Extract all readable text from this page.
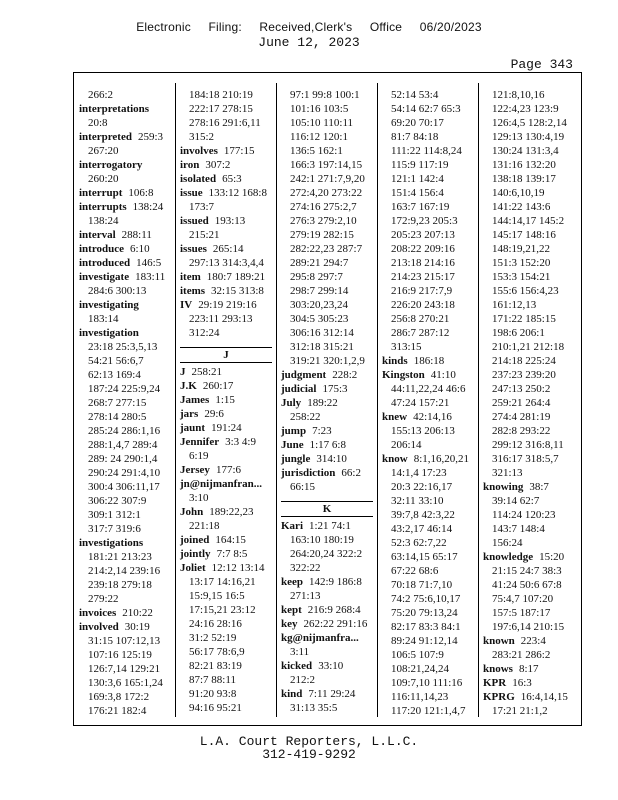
Electronic Filing: Received,Clerk's Office 06/20/2023
June 12, 2023
Page 343
266:2
interpretations
20:8
interpreted 259:3
267:20
interrogatory
260:20
interrupt 106:8
interrupts 138:24
138:24
interval 288:11
introduce 6:10
introduced 146:5
investigate 183:11
284:6 300:13
investigating
183:14
investigation
23:18 25:3,5,13
54:21 56:6,7
62:13 169:4
187:24 225:9,24
268:7 277:15
278:14 280:5
285:24 286:1,16
288:1,4,7 289:4
289: 24 290:1,4
290:24 291:4,10
300:4 306:11,17
306:22 307:9
309:1 312:1
317:7 319:6
investigations
181:21 213:23
214:2,14 239:16
239:18 279:18
279:22
invoices 210:22
involved 30:19
31:15 107:12,13
107:16 125:19
126:7,14 129:21
130:3,6 165:1,24
169:3,8 172:2
176:21 182:4
184:18 210:19
222:17 278:15
278:16 291:6,11
315:2
involves 177:15
iron 307:2
isolated 65:3
issue 133:12 168:8
173:7
issued 193:13
215:21
issues 265:14
297:13 314:3,4,4
item 180:7 189:21
items 32:15 313:8
IV 29:19 219:16
223:11 293:13
312:24
J
J 258:21
J.K 260:17
James 1:15
jars 29:6
jaunt 191:24
Jennifer 3:3 4:9
6:19
Jersey 177:6
jn@nijmanfran...
3:10
John 189:22,23
221:18
joined 164:15
jointly 7:7 8:5
Joliet 12:12 13:14
13:17 14:16,21
15:9,15 16:5
17:15,21 23:12
24:16 28:16
31:2 52:19
56:17 78:6,9
82:21 83:19
87:7 88:11
91:20 93:8
94:16 95:21
97:1 99:8 100:1
101:16 103:5
105:10 110:11
116:12 120:1
136:5 162:1
166:3 197:14,15
242:1 271:7,9,20
272:4,20 273:22
274:16 275:2,7
276:3 279:2,10
279:19 282:15
282:22,23 287:7
289:21 294:7
295:8 297:7
298:7 299:14
303:20,23,24
304:5 305:23
306:16 312:14
312:18 315:21
319:21 320:1,2,9
judgment 228:2
judicial 175:3
July 189:22
258:22
jump 7:23
June 1:17 6:8
jungle 314:10
jurisdiction 66:2
66:15
K
Kari 1:21 74:1
163:10 180:19
264:20,24 322:2
322:22
keep 142:9 186:8
271:13
kept 216:9 268:4
key 262:22 291:16
kg@nijmanfra...
3:11
kicked 33:10
212:2
kind 7:11 29:24
31:13 35:5
52:14 53:4
54:14 62:7 65:3
69:20 70:17
81:7 84:18
111:22 114:8,24
115:9 117:19
121:1 142:4
151:4 156:4
163:7 167:19
172:9,23 205:3
205:23 207:13
208:22 209:16
213:18 214:16
214:23 215:17
216:9 217:7,9
226:20 243:18
256:8 270:21
286:7 287:12
313:15
kinds 186:18
Kingston 41:10
44:11,22,24 46:6
47:24 157:21
knew 42:14,16
155:13 206:13
206:14
know 8:1,16,20,21
14:1,4 17:23
20:3 22:16,17
32:11 33:10
39:7,8 42:3,22
43:2,17 46:14
52:3 62:7,22
63:14,15 65:17
67:22 68:6
70:18 71:7,10
74:2 75:6,10,17
75:20 79:13,24
82:17 83:3 84:1
89:24 91:12,14
106:5 107:9
108:21,24,24
109:7,10 111:16
116:11,14,23
117:20 121:1,4,7
121:8,10,16
122:4,23 123:9
126:4,5 128:2,14
129:13 130:4,19
130:24 131:3,4
131:16 132:20
138:18 139:17
140:6,10,19
141:22 143:6
144:14,17 145:2
145:17 148:16
148:19,21,22
151:3 152:20
153:3 154:21
155:6 156:4,23
161:12,13
171:22 185:15
198:6 206:1
210:1,21 212:18
214:18 225:24
237:23 239:20
247:13 250:2
259:21 264:4
274:4 281:19
282:8 293:22
299:12 316:8,11
316:17 318:5,7
321:13
knowing 38:7
39:14 62:7
114:24 120:23
143:7 148:4
156:24
knowledge 15:20
21:15 24:7 38:3
41:24 50:6 67:8
75:4,7 107:20
157:5 187:17
197:6,14 210:15
known 223:4
283:21 286:2
knows 8:17
KPR 16:3
KPRG 16:4,14,15
17:21 21:1,2
L.A. Court Reporters, L.L.C.
312-419-9292
